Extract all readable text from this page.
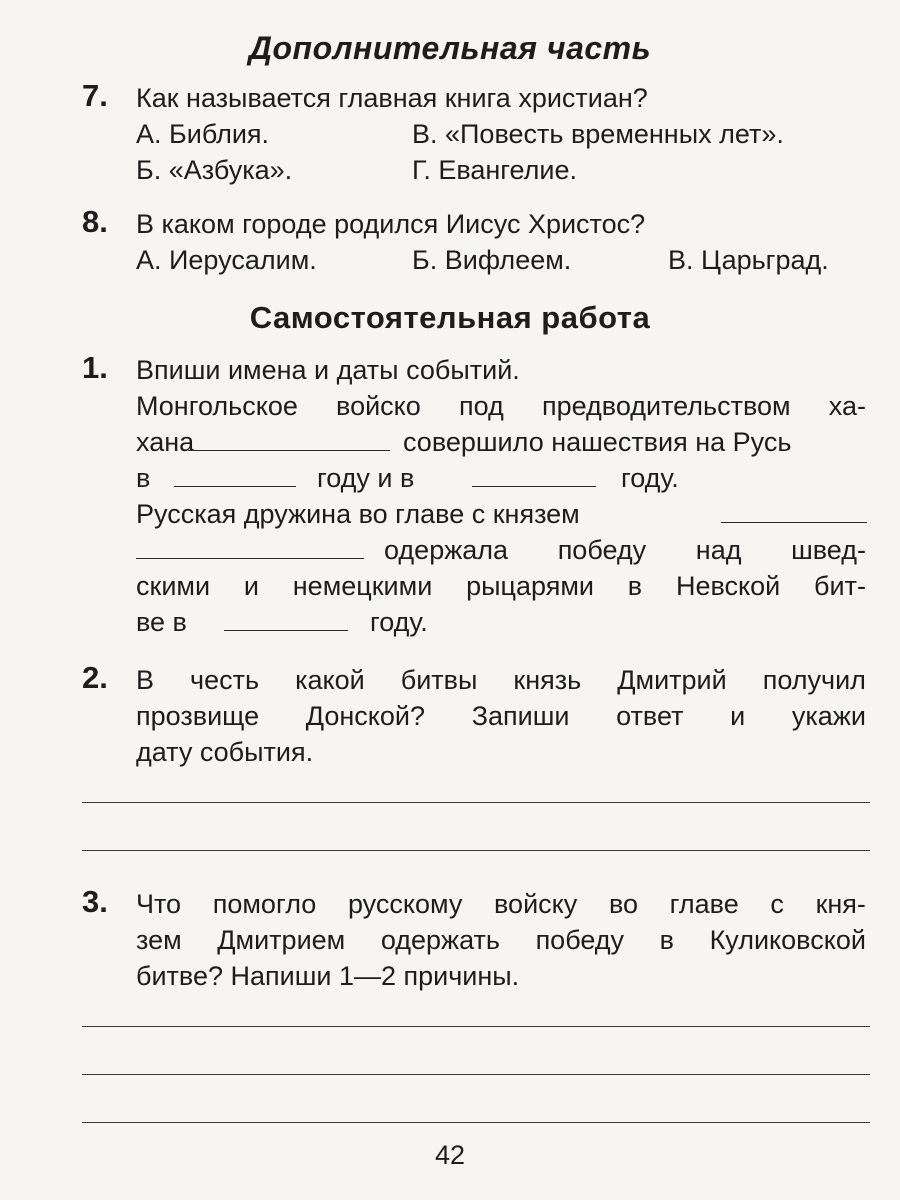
Дополнительная часть
7. Как называется главная книга христиан?
А. Библия.	В. «Повесть временных лет».
Б. «Азбука».	Г. Евангелие.
8. В каком городе родился Иисус Христос?
А. Иерусалим.	Б. Вифлеем.	В. Царьград.
Самостоятельная работа
1. Впиши имена и даты событий.
Монгольское войско под предводительством ха-
хана	совершило нашествия на Русь
в	году и в	году.
Русская дружина во главе с князем
одержала победу над швед-
скими и немецкими рыцарями в Невской бит-
ве в	году.
2. В честь какой битвы князь Дмитрий получил
прозвище Донской? Запиши ответ и укажи
дату события.
3. Что помогло русскому войску во главе с кня-
зем Дмитрием одержать победу в Куликовской
битве? Напиши 1—2 причины.
42
